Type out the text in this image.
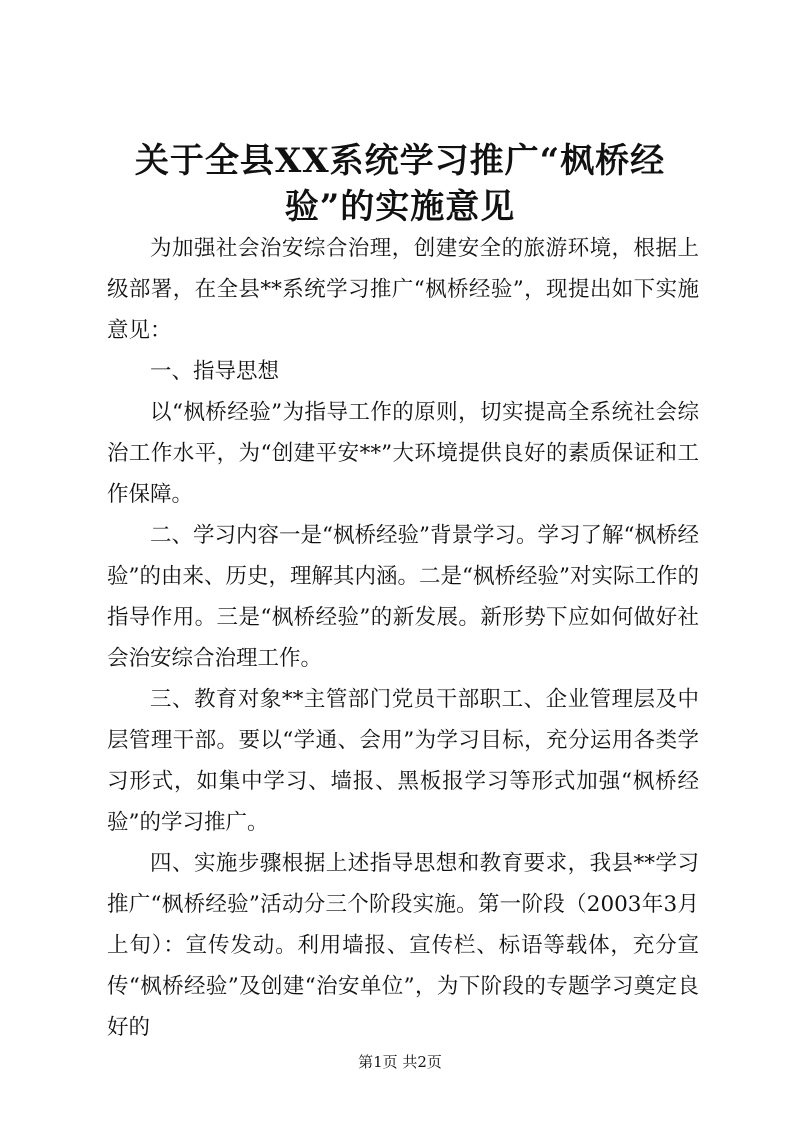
关于全县XX系统学习推广“枫桥经验”的实施意见

为加强社会治安综合治理，创建安全的旅游环境，根据上级部署，在全县**系统学习推广“枫桥经验”，现提出如下实施意见：

一、指导思想

以“枫桥经验”为指导工作的原则，切实提高全系统社会综治工作水平，为“创建平安**”大环境提供良好的素质保证和工作保障。

二、学习内容一是“枫桥经验”背景学习。学习了解“枫桥经验”的由来、历史，理解其内涵。二是“枫桥经验”对实际工作的指导作用。三是“枫桥经验”的新发展。新形势下应如何做好社会治安综合治理工作。

三、教育对象**主管部门党员干部职工、企业管理层及中层管理干部。要以“学通、会用”为学习目标，充分运用各类学习形式，如集中学习、墙报、黑板报学习等形式加强“枫桥经验”的学习推广。

四、实施步骤根据上述指导思想和教育要求，我县**学习推广“枫桥经验”活动分三个阶段实施。第一阶段（2003年3月上旬）：宣传发动。利用墙报、宣传栏、标语等载体，充分宣传“枫桥经验”及创建“治安单位”，为下阶段的专题学习奠定良好的

第1页 共2页
